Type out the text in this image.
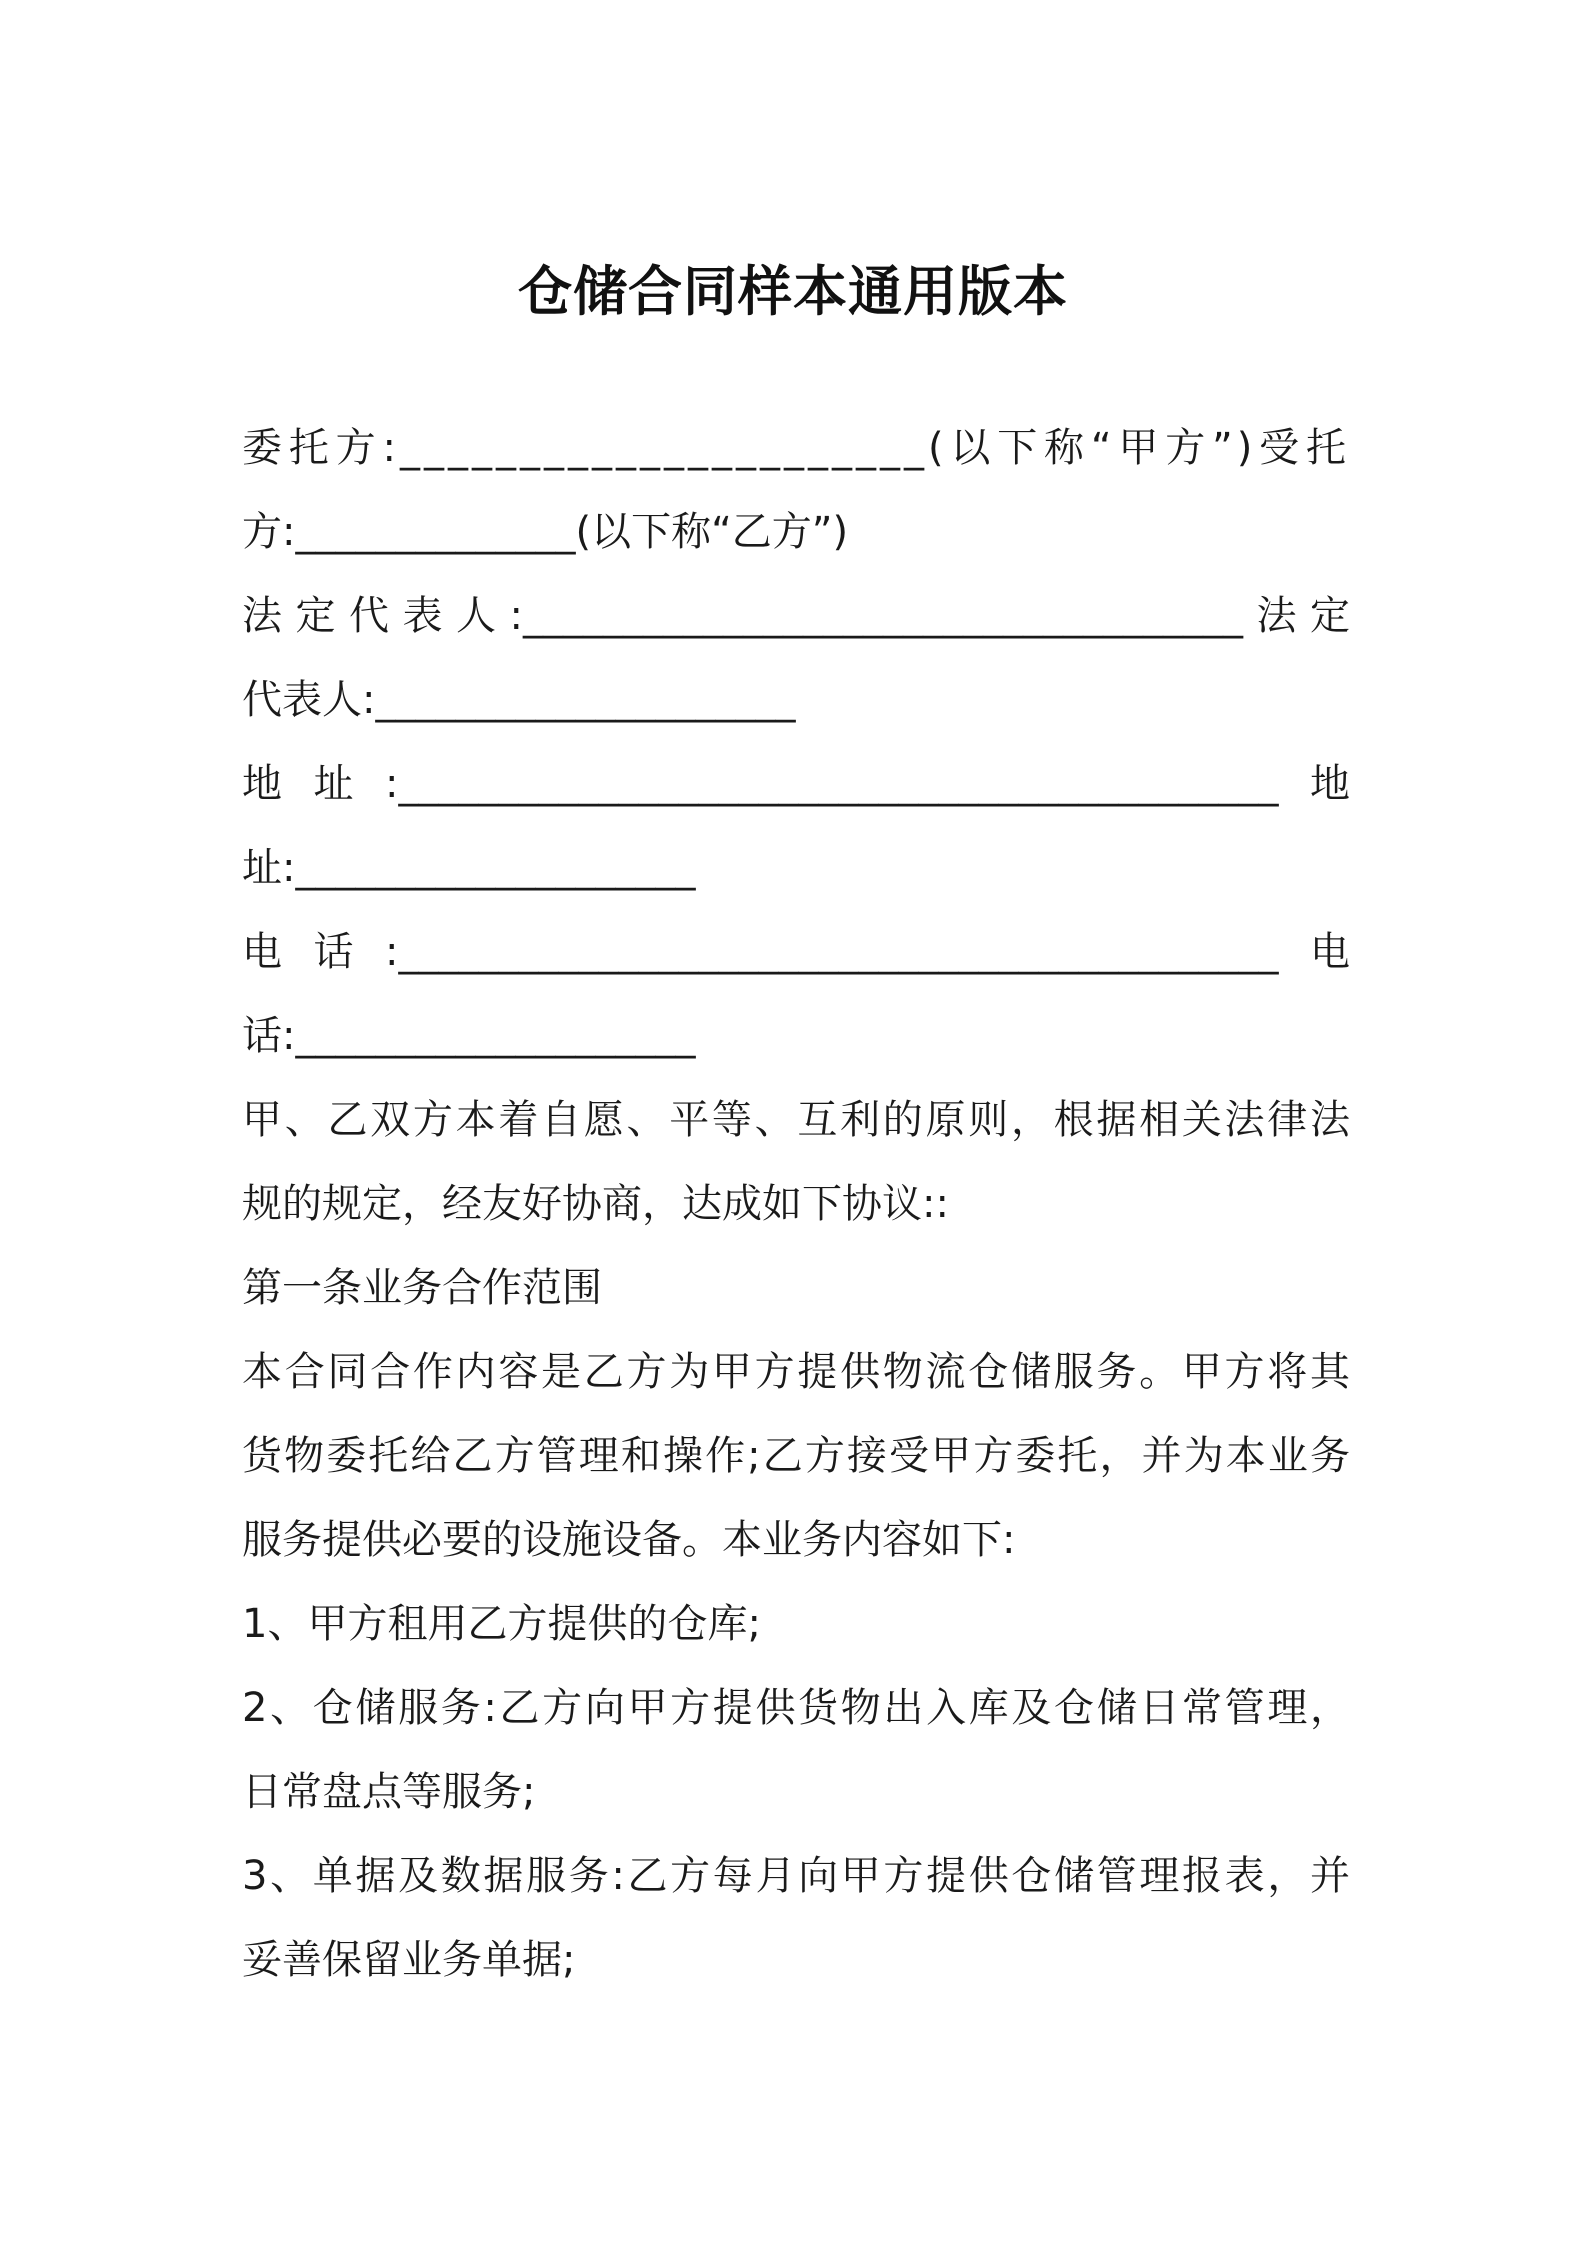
仓储合同样本通用版本
委托方:______________________(以下称“甲方”)受托
方:______________(以下称“乙方”)
法定代表人:____________________________________法定
代表人:_____________________
地址:____________________________________________地
址:____________________
电话:____________________________________________电
话:____________________
甲、乙双方本着自愿、平等、互利的原则，根据相关法律法
规的规定，经友好协商，达成如下协议::
第一条业务合作范围
本合同合作内容是乙方为甲方提供物流仓储服务。甲方将其
货物委托给乙方管理和操作;乙方接受甲方委托，并为本业务
服务提供必要的设施设备。本业务内容如下:
1、甲方租用乙方提供的仓库;
2、仓储服务:乙方向甲方提供货物出入库及仓储日常管理，
日常盘点等服务;
3、单据及数据服务:乙方每月向甲方提供仓储管理报表，并
妥善保留业务单据;
